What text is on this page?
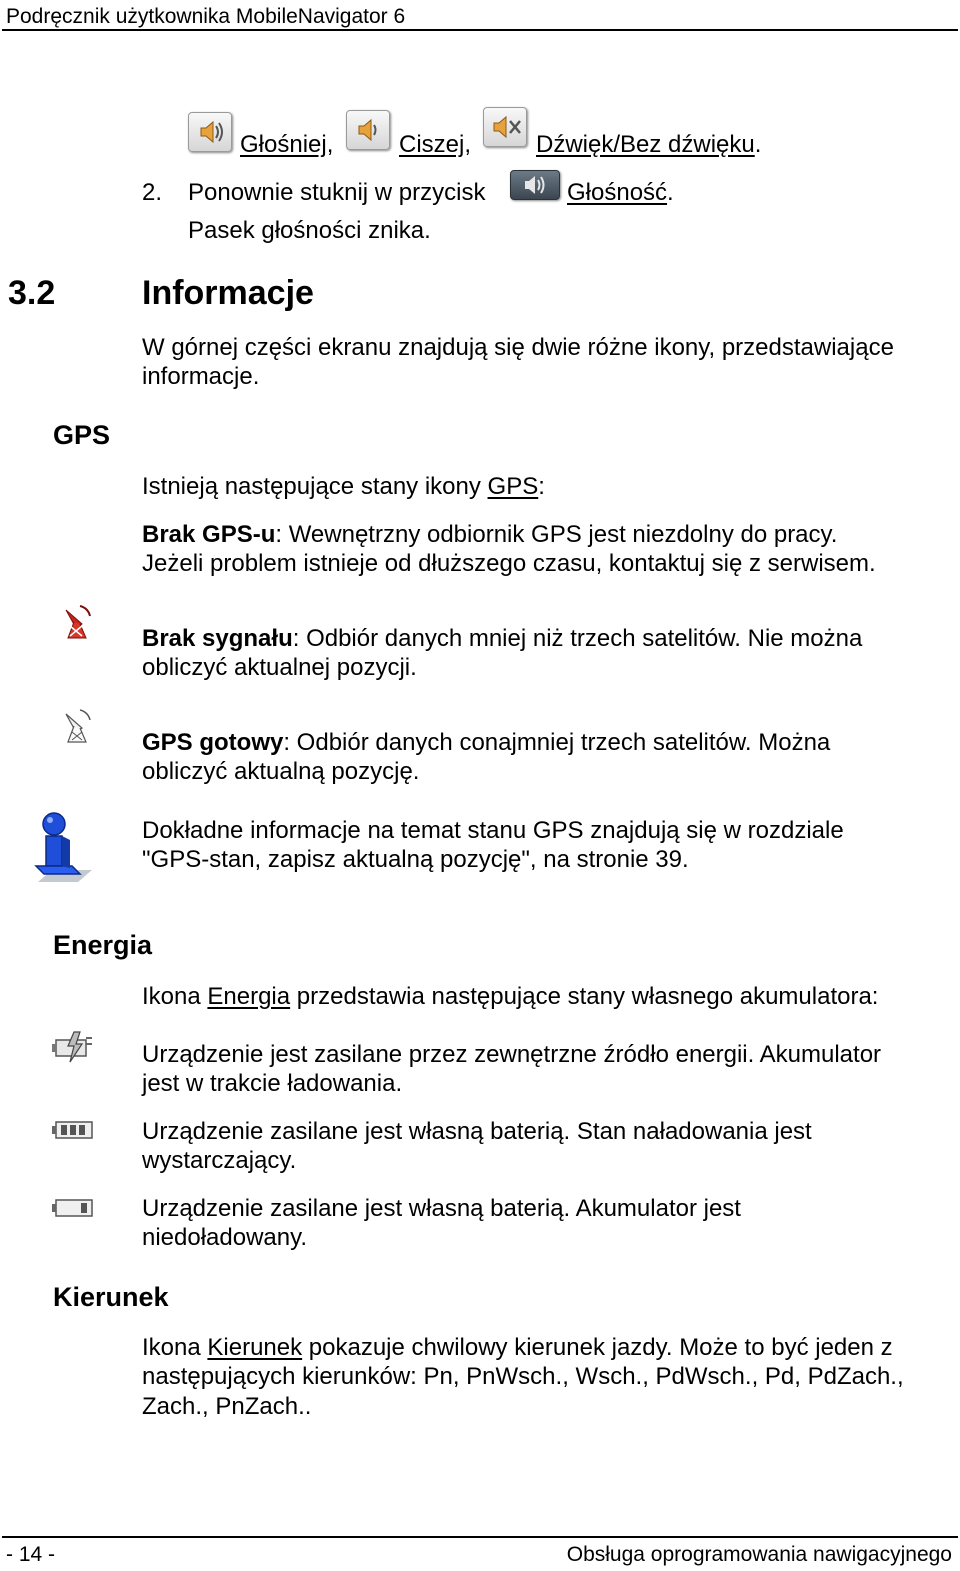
Podręcznik użytkownika MobileNavigator 6
Głośniej,	Ciszej,	Dźwięk/Bez dźwięku.
2. Ponownie stuknij w przycisk	Głośność.
Pasek głośności znika.
3.2	Informacje
W górnej części ekranu znajdują się dwie różne ikony, przedstawiające
informacje.
GPS
Istnieją następujące stany ikony GPS:
Brak GPS-u: Wewnętrzny odbiornik GPS jest niezdolny do pracy.
Jeżeli problem istnieje od dłuższego czasu, kontaktuj się z serwisem.
Brak sygnału: Odbiór danych mniej niż trzech satelitów. Nie można
obliczyć aktualnej pozycji.
GPS gotowy: Odbiór danych conajmniej trzech satelitów. Można
obliczyć aktualną pozycję.
Dokładne informacje na temat stanu GPS znajdują się w rozdziale
"GPS-stan, zapisz aktualną pozycję", na stronie 39.
Energia
Ikona Energia przedstawia następujące stany własnego akumulatora:
Urządzenie jest zasilane przez zewnętrzne źródło energii. Akumulator
jest w trakcie ładowania.
Urządzenie zasilane jest własną baterią. Stan naładowania jest
wystarczający.
Urządzenie zasilane jest własną baterią. Akumulator jest
niedoładowany.
Kierunek
Ikona Kierunek pokazuje chwilowy kierunek jazdy. Może to być jeden z
następujących kierunków: Pn, PnWsch., Wsch., PdWsch., Pd, PdZach.,
Zach., PnZach..
- 14 -	Obsługa oprogramowania nawigacyjnego
